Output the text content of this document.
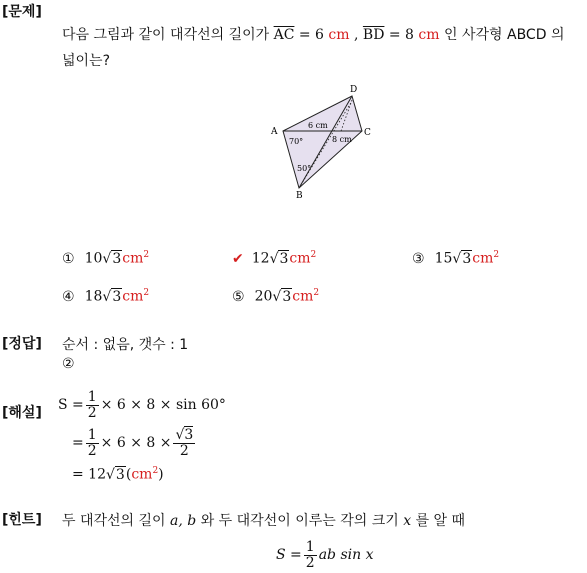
[문제]
다음 그림과 같이 대각선의 길이가 $\overline{AC} = 6$ cm , $\overline{BD} = 8$ cm 인 사각형 ABCD 의
넓이는?
A
B
C
D
6 cm
8 cm
70°
50°
① $10√3cm^2$	✔ $12√3cm^2$	③ $15√3cm^2$
④ $18√3cm^2$	⑤ $20√3cm^2$
[정답] 순서 : 없음, 갯수 : 1
②
[해설] $S = \frac{1}{2} \times 6 \times 8 \times \sin 60^\circ$
= $\frac{1}{2} \times 6 \times 8 \times \frac{√3}{2}$
= $12√3(cm^2)$
[힌트] 두 대각선의 길이 a, b 와 두 대각선이 이루는 각의 크기 x 를 알 때
$S = \frac{1}{2}$ ab sin x
